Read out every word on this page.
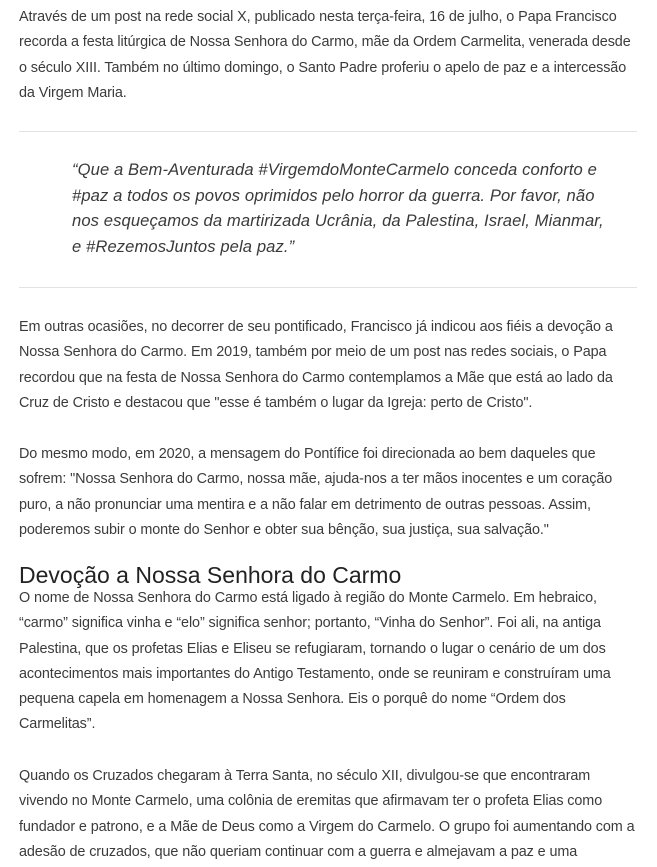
Através de um post na rede social X, publicado nesta terça-feira, 16 de julho, o Papa Francisco recorda a festa litúrgica de Nossa Senhora do Carmo, mãe da Ordem Carmelita, venerada desde o século XIII. Também no último domingo, o Santo Padre proferiu o apelo de paz e a intercessão da Virgem Maria.

“Que a Bem-Aventurada #VirgemdoMonteCarmelo conceda conforto e #paz a todos os povos oprimidos pelo horror da guerra. Por favor, não nos esqueçamos da martirizada Ucrânia, da Palestina, Israel, Mianmar, e #RezemosJuntos pela paz.”

Em outras ocasiões, no decorrer de seu pontificado, Francisco já indicou aos fiéis a devoção a Nossa Senhora do Carmo. Em 2019, também por meio de um post nas redes sociais, o Papa recordou que na festa de Nossa Senhora do Carmo contemplamos a Mãe que está ao lado da Cruz de Cristo e destacou que "esse é também o lugar da Igreja: perto de Cristo".

Do mesmo modo, em 2020, a mensagem do Pontífice foi direcionada ao bem daqueles que sofrem: "Nossa Senhora do Carmo, nossa mãe, ajuda-nos a ter mãos inocentes e um coração puro, a não pronunciar uma mentira e a não falar em detrimento de outras pessoas. Assim, poderemos subir o monte do Senhor e obter sua bênção, sua justiça, sua salvação."

Devoção a Nossa Senhora do Carmo

O nome de Nossa Senhora do Carmo está ligado à região do Monte Carmelo. Em hebraico, “carmo” significa vinha e “elo” significa senhor; portanto, “Vinha do Senhor”. Foi ali, na antiga Palestina, que os profetas Elias e Eliseu se refugiaram, tornando o lugar o cenário de um dos acontecimentos mais importantes do Antigo Testamento, onde se reuniram e construíram uma pequena capela em homenagem a Nossa Senhora. Eis o porquê do nome “Ordem dos Carmelitas”.

Quando os Cruzados chegaram à Terra Santa, no século XII, divulgou-se que encontraram vivendo no Monte Carmelo, uma colônia de eremitas que afirmavam ter o profeta Elias como fundador e patrono, e a Mãe de Deus como a Virgem do Carmelo. O grupo foi aumentando com a adesão de cruzados, que não queriam continuar com a guerra e almejavam a paz e uma
